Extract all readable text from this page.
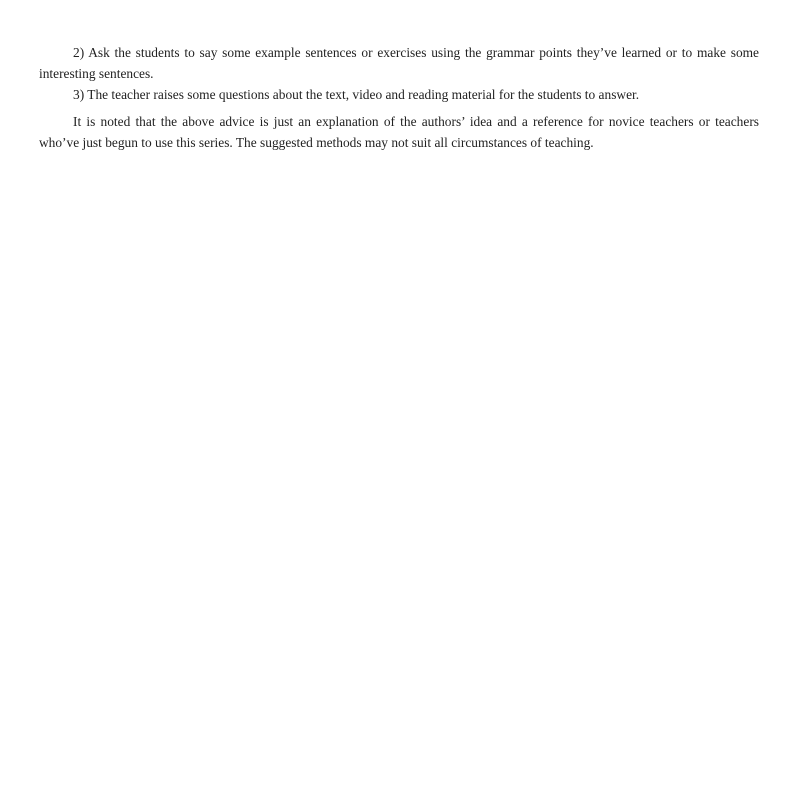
2) Ask the students to say some example sentences or exercises using the grammar points they’ve learned or to make some interesting sentences.

3) The teacher raises some questions about the text, video and reading material for the students to answer.

It is noted that the above advice is just an explanation of the authors’ idea and a reference for novice teachers or teachers who’ve just begun to use this series. The suggested methods may not suit all circumstances of teaching.
